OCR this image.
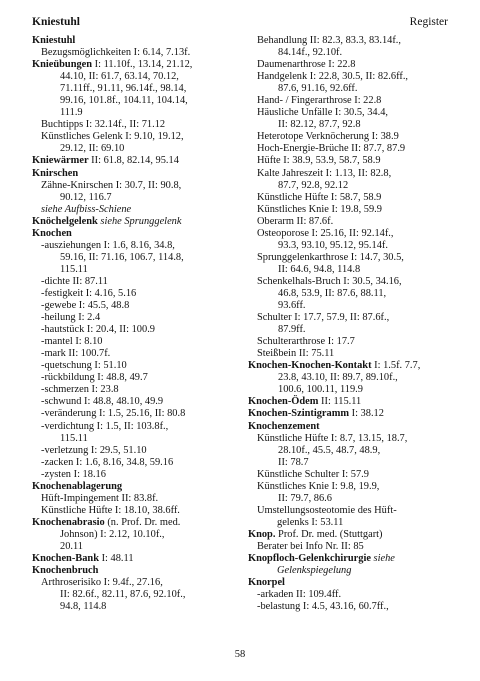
Kniestuhl	Register
Kniestuhl
Bezugsmöglichkeiten I: 6.14, 7.13f.
Knieübungen I: 11.10f., 13.14, 21.12,
44.10, II: 61.7, 63.14, 70.12,
71.11ff., 91.11, 96.14f., 98.14,
99.16, 101.8f., 104.11, 104.14,
111.9
Buchtipps I: 32.14f., II: 71.12
Künstliches Gelenk I: 9.10, 19.12,
29.12, II: 69.10
Kniewärmer II: 61.8, 82.14, 95.14
Knirschen
Zähne-Knirschen I: 30.7, II: 90.8,
90.12, 116.7
siehe Aufbiss-Schiene
Knöchelgelenk siehe Sprunggelenk
Knochen
-ausziehungen I: 1.6, 8.16, 34.8,
59.16, II: 71.16, 106.7, 114.8,
115.11
-dichte II: 87.11
-festigkeit I: 4.16, 5.16
-gewebe I: 45.5, 48.8
-heilung I: 2.4
-hautstück I: 20.4, II: 100.9
-mantel I: 8.10
-mark II: 100.7f.
-quetschung I: 51.10
-rückbildung I: 48.8, 49.7
-schmerzen I: 23.8
-schwund I: 48.8, 48.10, 49.9
-veränderung I: 1.5, 25.16, II: 80.8
-verdichtung I: 1.5, II: 103.8f.,
115.11
-verletzung I: 29.5, 51.10
-zacken I: 1.6, 8.16, 34.8, 59.16
-zysten I: 18.16
Knochenablagerung
Hüft-Impingement II: 83.8f.
Künstliche Hüfte I: 18.10, 38.6ff.
Knochenabrasio (n. Prof. Dr. med.
Johnson) I: 2.12, 10.10f.,
20.11
Knochen-Bank I: 48.11
Knochenbruch
Arthroserisiko I: 9.4f., 27.16,
II: 82.6f., 82.11, 87.6, 92.10f.,
94.8, 114.8
Behandlung II: 82.3, 83.3, 83.14f.,
84.14f., 92.10f.
Daumenarthrose I: 22.8
Handgelenk I: 22.8, 30.5, II: 82.6ff.,
87.6, 91.16, 92.6ff.
Hand- / Fingerarthrose I: 22.8
Häusliche Unfälle I: 30.5, 34.4,
II: 82.12, 87.7, 92.8
Heterotope Verknöcherung I: 38.9
Hoch-Energie-Brüche II: 87.7, 87.9
Hüfte I: 38.9, 53.9, 58.7, 58.9
Kalte Jahreszeit I: 1.13, II: 82.8,
87.7, 92.8, 92.12
Künstliche Hüfte I: 58.7, 58.9
Künstliches Knie I: 19.8, 59.9
Oberarm II: 87.6f.
Osteoporose I: 25.16, II: 92.14f.,
93.3, 93.10, 95.12, 95.14f.
Sprunggelenkarthrose I: 14.7, 30.5,
II: 64.6, 94.8, 114.8
Schenkelhals-Bruch I: 30.5, 34.16,
46.8, 53.9, II: 87.6, 88.11,
93.6ff.
Schulter I: 17.7, 57.9, II: 87.6f.,
87.9ff.
Schulterarthrose I: 17.7
Steißbein II: 75.11
Knochen-Knochen-Kontakt I: 1.5f. 7.7,
23.8, 43.10, II: 89.7, 89.10f.,
100.6, 100.11, 119.9
Knochen-Ödem II: 115.11
Knochen-Szintigramm I: 38.12
Knochenzement
Künstliche Hüfte I: 8.7, 13.15, 18.7,
28.10f., 45.5, 48.7, 48.9,
II: 78.7
Künstliche Schulter I: 57.9
Künstliches Knie I: 9.8, 19.9,
II: 79.7, 86.6
Umstellungsosteotomie des Hüft-
gelenks I: 53.11
Knop. Prof. Dr. med. (Stuttgart)
Berater bei Info Nr. II: 85
Knopfloch-Gelenkchirurgie siehe
Gelenkspiegelung
Knorpel
-arkaden II: 109.4ff.
-belastung I: 4.5, 43.16, 60.7ff.,
58
